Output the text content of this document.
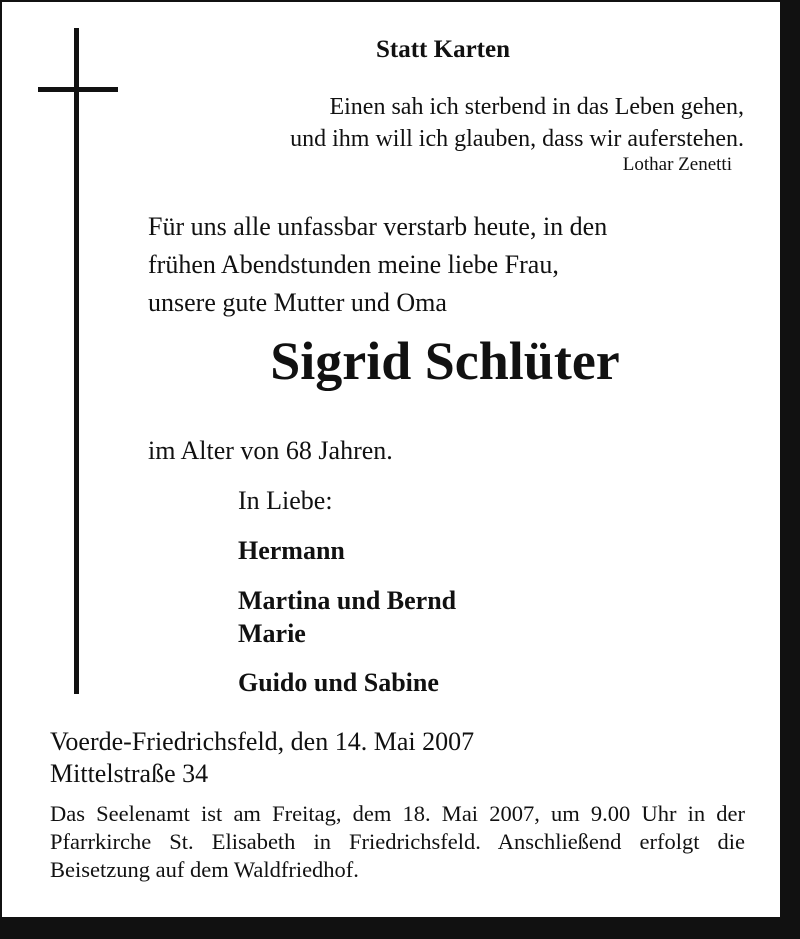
Statt Karten
Einen sah ich sterbend in das Leben gehen,
und ihm will ich glauben, dass wir auferstehen.
Lothar Zenetti
Für uns alle unfassbar verstarb heute, in den
frühen Abendstunden meine liebe Frau,
unsere gute Mutter und Oma
Sigrid Schlüter
im Alter von 68 Jahren.
In Liebe:
Hermann
Martina und Bernd
Marie
Guido und Sabine
Voerde-Friedrichsfeld, den 14. Mai 2007
Mittelstraße 34
Das Seelenamt ist am Freitag, dem 18. Mai 2007, um 9.00 Uhr in der Pfarrkirche St. Elisabeth in Friedrichsfeld. Anschließend erfolgt die Beisetzung auf dem Waldfriedhof.
